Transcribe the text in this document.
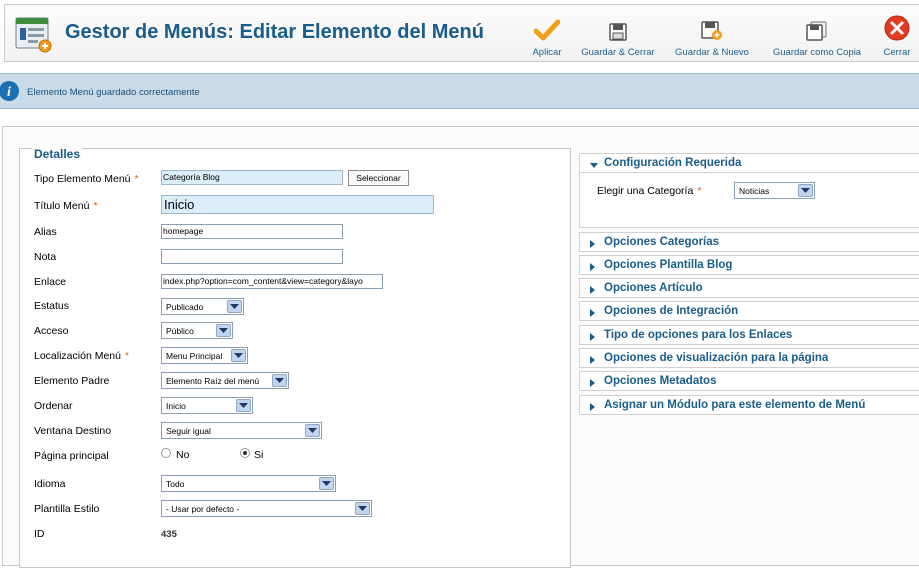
Gestor de Menús: Editar Elemento del Menú
Aplicar	Guardar & Cerrar	Guardar & Nuevo	Guardar como Copia	Cerrar
i Elemento Menú guardado correctamente
Detalles
Tipo Elemento Menú *	Categoría Blog	Seleccionar
Título Menú *	Inicio
Alias	homepage
Nota
Enlace	index.php?option=com_content&view=category&layo
Estatus	Publicado
Acceso	Público
Localización Menú *	Menu Principal
Elemento Padre	Elemento Raíz del menú
Ordenar	Inicio
Ventana Destino	Seguir igual
Página principal	No	Si
Idioma	Todo
Plantilla Estilo	- Usar por defecto -
ID	435
Configuración Requerida
Elegir una Categoría *	Noticias
Opciones Categorías
Opciones Plantilla Blog
Opciones Artículo
Opciones de Integración
Tipo de opciones para los Enlaces
Opciones de visualización para la página
Opciones Metadatos
Asignar un Módulo para este elemento de Menú
